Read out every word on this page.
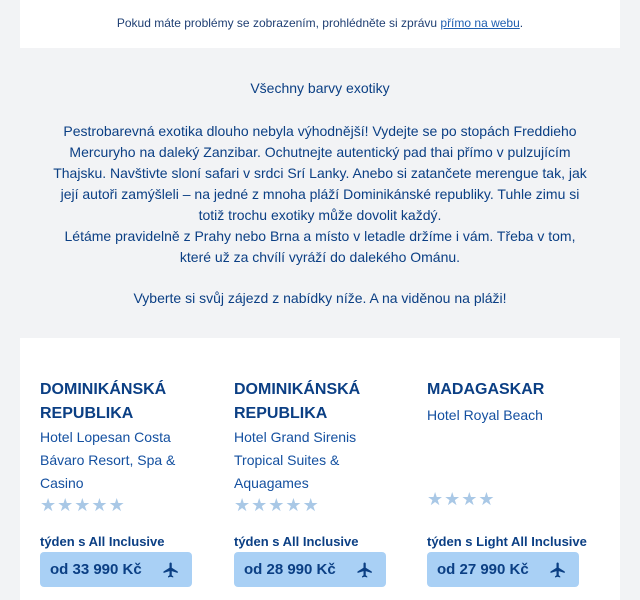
Pokud máte problémy se zobrazením, prohlédněte si zprávu přímo na webu.
Všechny barvy exotiky
Pestrobarevná exotika dlouho nebyla výhodnější! Vydejte se po stopách Freddieho Mercuryho na daleký Zanzibar. Ochutnejte autentický pad thai přímo v pulzujícím Thajsku. Navštivte sloní safari v srdci Srí Lanky. Anebo si zatančete merengue tak, jak její autoři zamýšleli – na jedné z mnoha pláží Dominikánské republiky. Tuhle zimu si totiž trochu exotiky může dovolit každý.
Létáme pravidelně z Prahy nebo Brna a místo v letadle držíme i vám. Třeba v tom, které už za chvílí vyráží do dalekého Ománu.
Vyberte si svůj zájezd z nabídky níže. A na viděnou na pláži!
DOMINIKÁNSKÁ REPUBLIKA
Hotel Lopesan Costa Bávaro Resort, Spa & Casino
★ ★ ★ ★ ★
týden s All Inclusive
od 33 990 Kč
DOMINIKÁNSKÁ REPUBLIKA
Hotel Grand Sirenis Tropical Suites & Aquagames
★ ★ ★ ★ ★
týden s All Inclusive
od 28 990 Kč
MADAGASKAR
Hotel Royal Beach
★ ★ ★ ★
týden s Light All Inclusive
od 27 990 Kč
